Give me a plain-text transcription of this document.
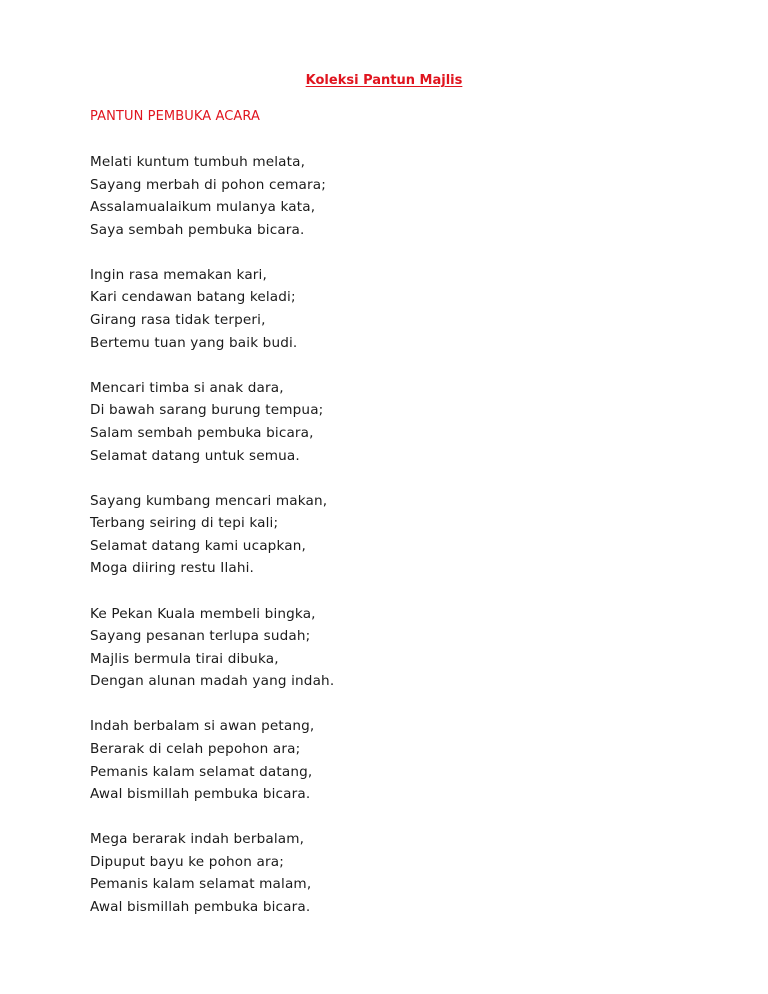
Koleksi Pantun Majlis
PANTUN PEMBUKA ACARA
Melati kuntum tumbuh melata,
Sayang merbah di pohon cemara;
Assalamualaikum mulanya kata,
Saya sembah pembuka bicara.
Ingin rasa memakan kari,
Kari cendawan batang keladi;
Girang rasa tidak terperi,
Bertemu tuan yang baik budi.
Mencari timba si anak dara,
Di bawah sarang burung tempua;
Salam sembah pembuka bicara,
Selamat datang untuk semua.
Sayang kumbang mencari makan,
Terbang seiring di tepi kali;
Selamat datang kami ucapkan,
Moga diiring restu Ilahi.
Ke Pekan Kuala membeli bingka,
Sayang pesanan terlupa sudah;
Majlis bermula tirai dibuka,
Dengan alunan madah yang indah.
Indah berbalam si awan petang,
Berarak di celah pepohon ara;
Pemanis kalam selamat datang,
Awal bismillah pembuka bicara.
Mega berarak indah berbalam,
Dipuput bayu ke pohon ara;
Pemanis kalam selamat malam,
Awal bismillah pembuka bicara.
